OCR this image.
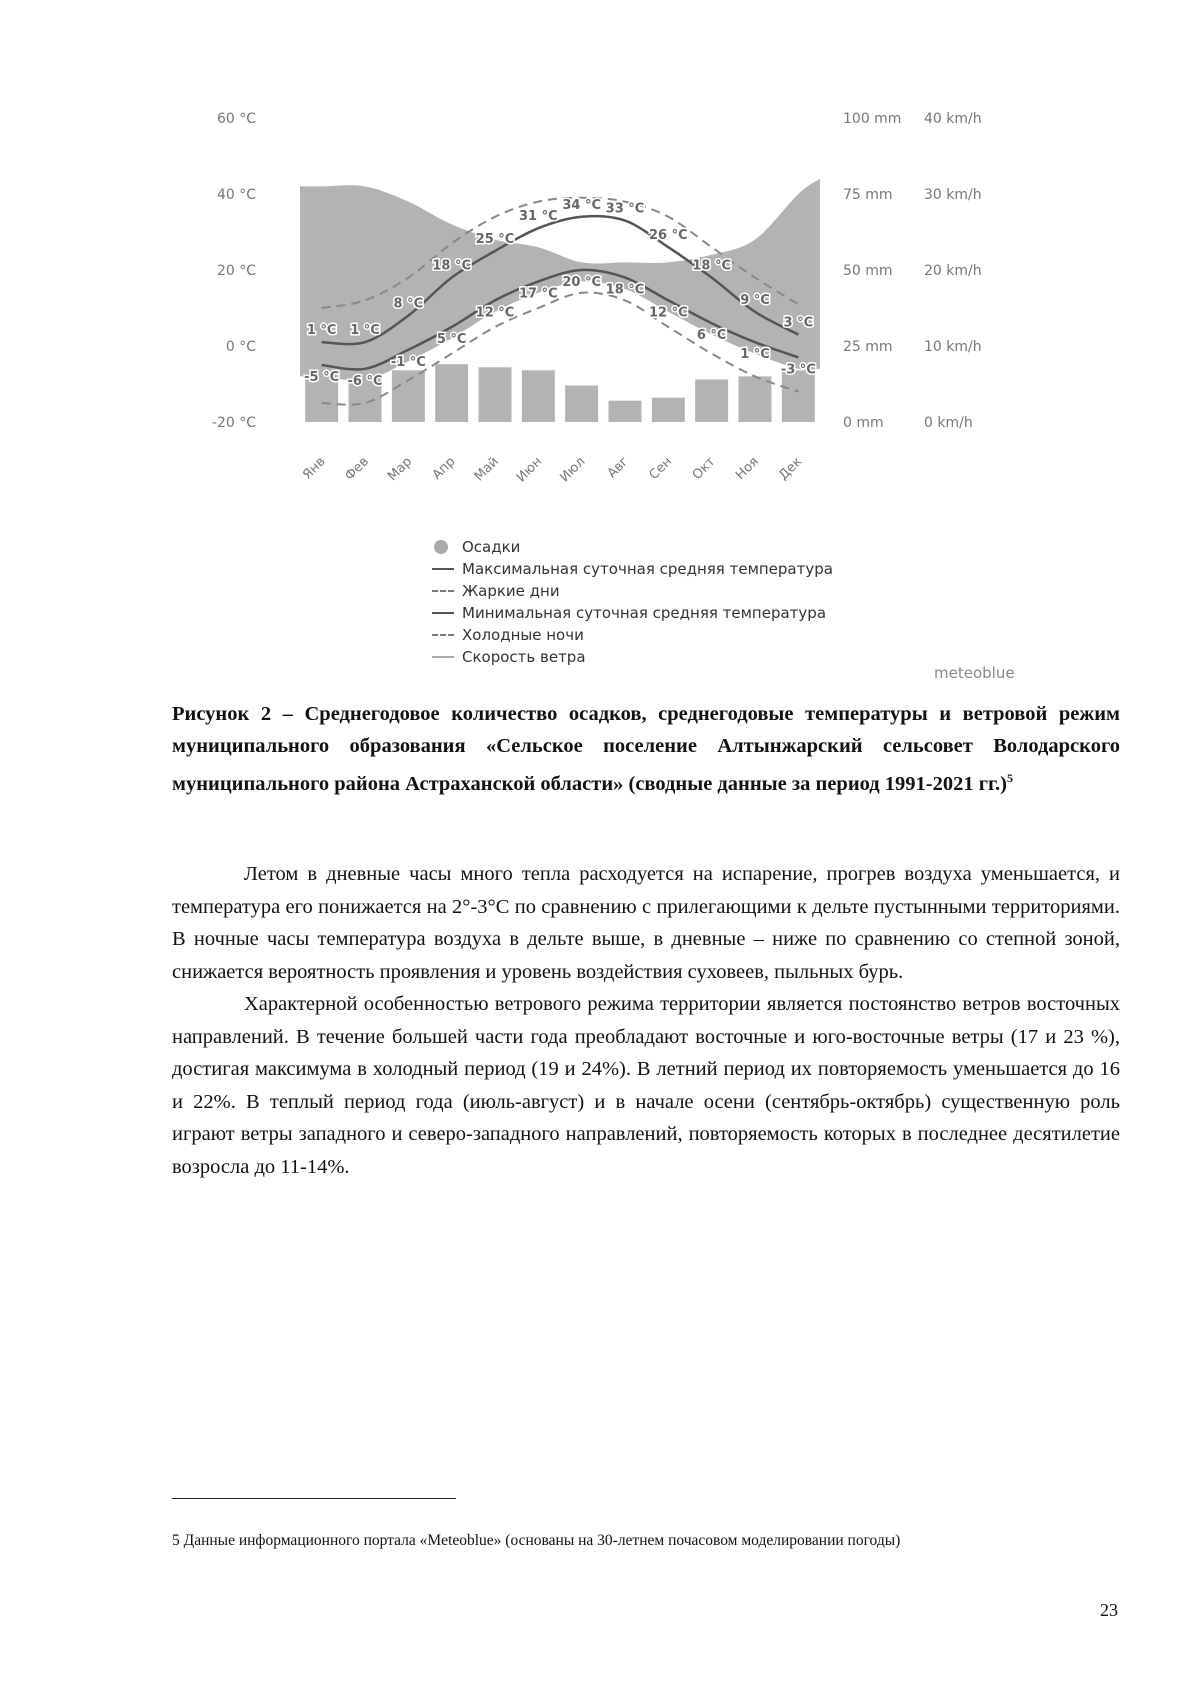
60 °C
40 °C
20 °C
0 °C
-20 °C
100 mm
75 mm
50 mm
25 mm
0 mm
40 km/h
30 km/h
20 km/h
10 km/h
0 km/h
1 °C 1 °C
8 °C
18 °C
25 °C
31 °C
34 °C 33 °C
26 °C
18 °C
9 °C
3 °C
-5 °C -6 °C
-1 °C
5 °C
12 °C
17 °C
20 °C
18 °C
12 °C
6 °C
1 °C
-3 °C
Янв Фев Мар Апр Май Июн Июл Авг Сен Окт Ноя Дек
Осадки
Максимальная суточная средняя температура
Жаркие дни
Минимальная суточная средняя температура
Холодные ночи
Скорость ветра
meteoblue
Рисунок 2 – Среднегодовое количество осадков, среднегодовые температуры и ветровой режим муниципального образования «Сельское поселение Алтынжарский сельсовет Володарского муниципального района Астраханской области» (сводные данные за период 1991-2021 гг.)$^5$

Летом в дневные часы много тепла расходуется на испарение, прогрев воздуха уменьшается, и температура его понижается на 2°-3°С по сравнению с прилегающими к дельте пустынными территориями. В ночные часы температура воздуха в дельте выше, в дневные – ниже по сравнению со степной зоной, снижается вероятность проявления и уровень воздействия суховеев, пыльных бурь.

Характерной особенностью ветрового режима территории является постоянство ветров восточных направлений. В течение большей части года преобладают восточные и юго-восточные ветры (17 и 23 %), достигая максимума в холодный период (19 и 24%). В летний период их повторяемость уменьшается до 16 и 22%. В теплый период года (июль-август) и в начале осени (сентябрь-октябрь) существенную роль играют ветры западного и северо-западного направлений, повторяемость которых в последнее десятилетие возросла до 11-14%.

5 Данные информационного портала «Meteoblue» (основаны на 30-летнем почасовом моделировании погоды)
23
